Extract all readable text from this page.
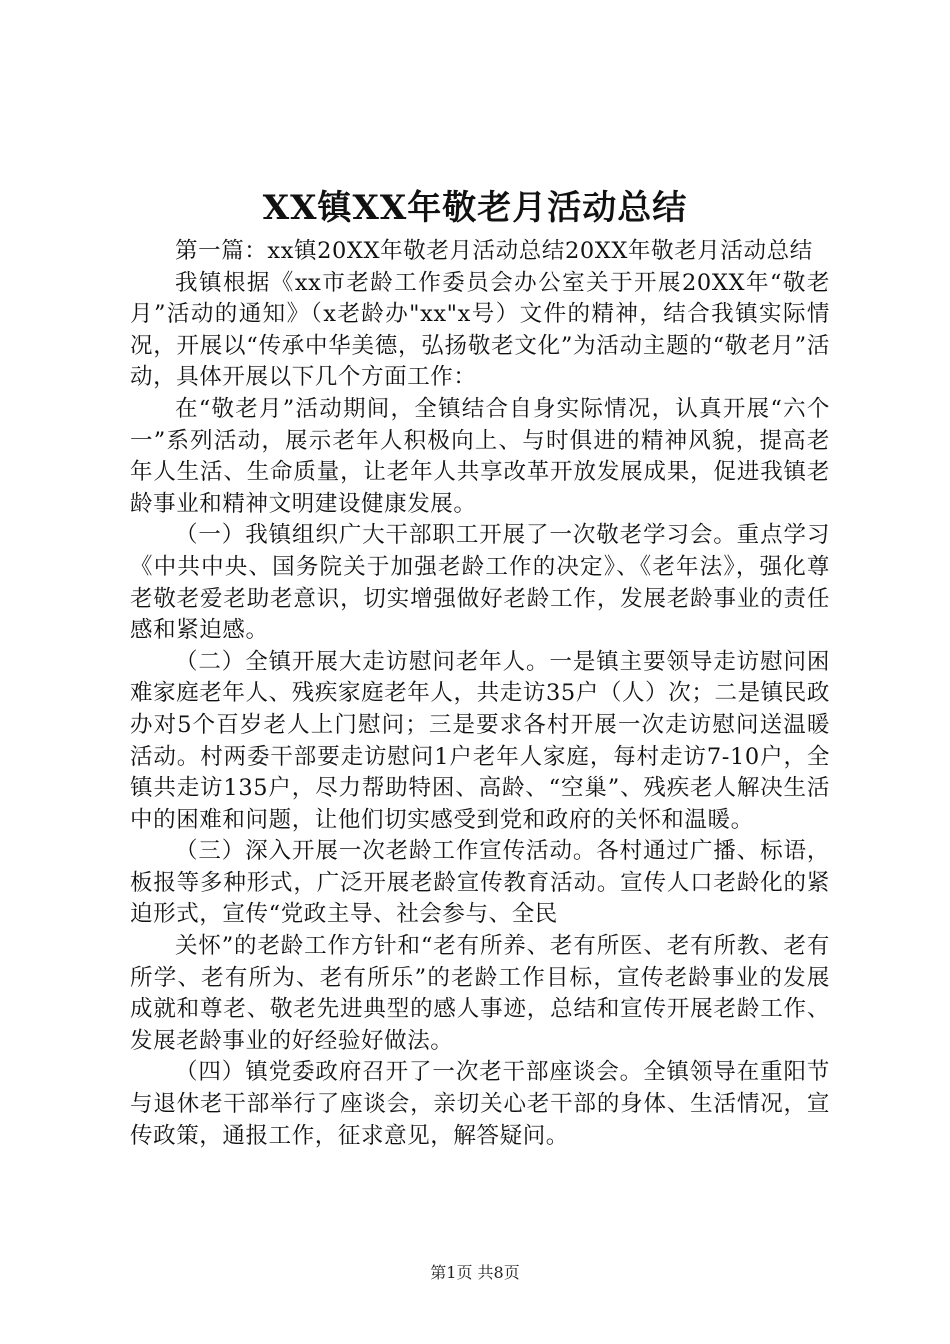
XX镇XX年敬老月活动总结

第一篇：xx镇20XX年敬老月活动总结20XX年敬老月活动总结

我镇根据《xx市老龄工作委员会办公室关于开展20XX年“敬老月”活动的通知》（x老龄办"xx"x号）文件的精神，结合我镇实际情况，开展以“传承中华美德，弘扬敬老文化”为活动主题的“敬老月”活动，具体开展以下几个方面工作：

在“敬老月”活动期间，全镇结合自身实际情况，认真开展“六个一”系列活动，展示老年人积极向上、与时俱进的精神风貌，提高老年人生活、生命质量，让老年人共享改革开放发展成果，促进我镇老龄事业和精神文明建设健康发展。

（一）我镇组织广大干部职工开展了一次敬老学习会。重点学习《中共中央、国务院关于加强老龄工作的决定》、《老年法》，强化尊老敬老爱老助老意识，切实增强做好老龄工作，发展老龄事业的责任感和紧迫感。

（二）全镇开展大走访慰问老年人。一是镇主要领导走访慰问困难家庭老年人、残疾家庭老年人，共走访35户（人）次；二是镇民政办对5个百岁老人上门慰问；三是要求各村开展一次走访慰问送温暖活动。村两委干部要走访慰问1户老年人家庭，每村走访7-10户，全镇共走访135户，尽力帮助特困、高龄、“空巢”、残疾老人解决生活中的困难和问题，让他们切实感受到党和政府的关怀和温暖。

（三）深入开展一次老龄工作宣传活动。各村通过广播、标语，板报等多种形式，广泛开展老龄宣传教育活动。宣传人口老龄化的紧迫形式，宣传“党政主导、社会参与、全民

关怀”的老龄工作方针和“老有所养、老有所医、老有所教、老有所学、老有所为、老有所乐”的老龄工作目标，宣传老龄事业的发展成就和尊老、敬老先进典型的感人事迹，总结和宣传开展老龄工作、发展老龄事业的好经验好做法。

（四）镇党委政府召开了一次老干部座谈会。全镇领导在重阳节与退休老干部举行了座谈会，亲切关心老干部的身体、生活情况，宣传政策，通报工作，征求意见，解答疑问。

第1页 共8页
